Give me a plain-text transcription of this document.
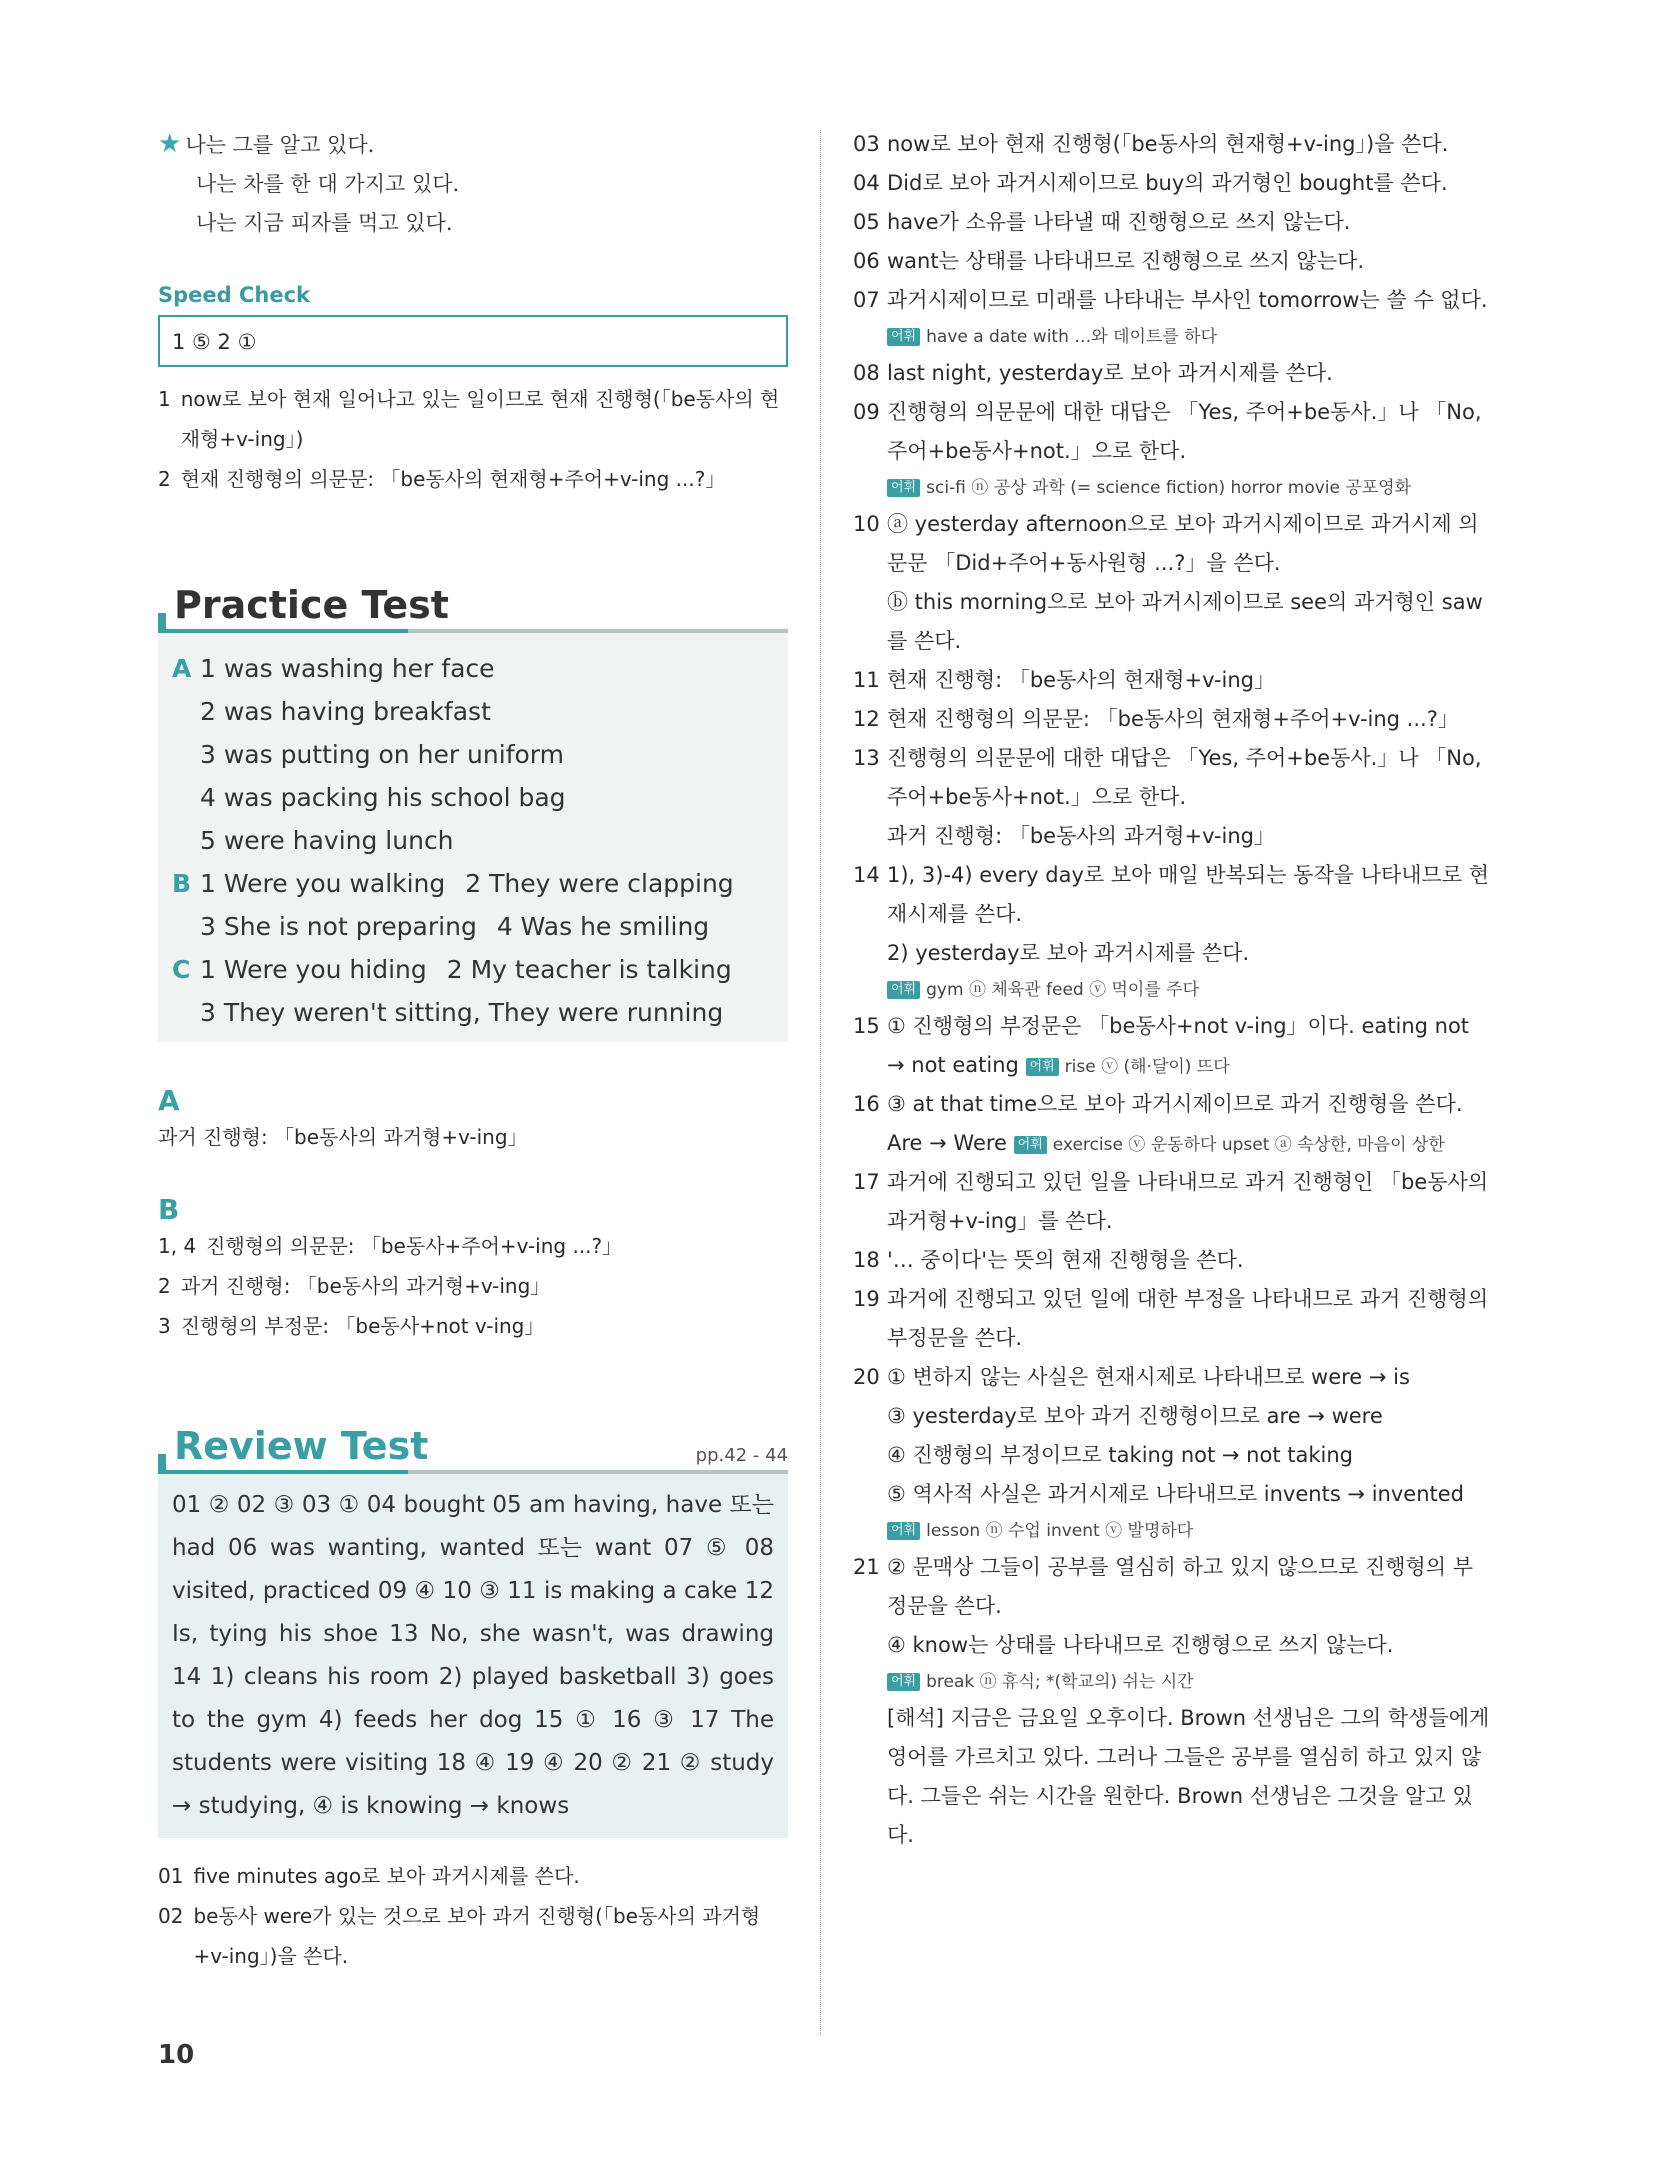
★ 나는 그를 알고 있다.
나는 차를 한 대 가지고 있다.
나는 지금 피자를 먹고 있다.
Speed Check
1 ⑤ 2 ①
1 now로 보아 현재 일어나고 있는 일이므로 현재 진행형(「be동사의 현재형+v-ing」)
2 현재 진행형의 의문문: 「be동사의 현재형+주어+v-ing ...?」
Practice Test
A 1 was washing her face
2 was having breakfast
3 was putting on her uniform
4 was packing his school bag
5 were having lunch
B 1 Were you walking 2 They were clapping
3 She is not preparing 4 Was he smiling
C 1 Were you hiding 2 My teacher is talking
3 They weren't sitting, They were running
A
과거 진행형: 「be동사의 과거형+v-ing」
B
1, 4 진행형의 의문문: 「be동사+주어+v-ing ...?」
2 과거 진행형: 「be동사의 과거형+v-ing」
3 진행형의 부정문: 「be동사+not v-ing」
Review Test	pp.42 - 44
01 ② 02 ③ 03 ① 04 bought 05 am having, have 또는 had 06 was wanting, wanted 또는 want 07 ⑤ 08 visited, practiced 09 ④ 10 ③ 11 is making a cake 12 Is, tying his shoe 13 No, she wasn't, was drawing 14 1) cleans his room 2) played basketball 3) goes to the gym 4) feeds her dog 15 ① 16 ③ 17 The students were visiting 18 ④ 19 ④ 20 ② 21 ② study → studying, ④ is knowing → knows
01 five minutes ago로 보아 과거시제를 쓴다.
02 be동사 were가 있는 것으로 보아 과거 진행형(「be동사의 과거형+v-ing」)을 쓴다.
03 now로 보아 현재 진행형(「be동사의 현재형+v-ing」)을 쓴다.
04 Did로 보아 과거시제이므로 buy의 과거형인 bought를 쓴다.
05 have가 소유를 나타낼 때 진행형으로 쓰지 않는다.
06 want는 상태를 나타내므로 진행형으로 쓰지 않는다.
07 과거시제이므로 미래를 나타내는 부사인 tomorrow는 쓸 수 없다.
어휘 have a date with …와 데이트를 하다
08 last night, yesterday로 보아 과거시제를 쓴다.
09 진행형의 의문문에 대한 대답은 「Yes, 주어+be동사.」나 「No, 주어+be동사+not.」으로 한다.
어휘 sci-fi ⓝ 공상 과학 (= science fiction) horror movie 공포영화
10 ⓐ yesterday afternoon으로 보아 과거시제이므로 과거시제 의문문 「Did+주어+동사원형 ...?」을 쓴다.
ⓑ this morning으로 보아 과거시제이므로 see의 과거형인 saw를 쓴다.
11 현재 진행형: 「be동사의 현재형+v-ing」
12 현재 진행형의 의문문: 「be동사의 현재형+주어+v-ing ...?」
13 진행형의 의문문에 대한 대답은 「Yes, 주어+be동사.」나 「No, 주어+be동사+not.」으로 한다.
과거 진행형: 「be동사의 과거형+v-ing」
14 1), 3)-4) every day로 보아 매일 반복되는 동작을 나타내므로 현재시제를 쓴다.
2) yesterday로 보아 과거시제를 쓴다.
어휘 gym ⓝ 체육관 feed ⓥ 먹이를 주다
15 ① 진행형의 부정문은 「be동사+not v-ing」이다. eating not → not eating 어휘 rise ⓥ (해·달이) 뜨다
16 ③ at that time으로 보아 과거시제이므로 과거 진행형을 쓴다. Are → Were 어휘 exercise ⓥ 운동하다 upset ⓐ 속상한, 마음이 상한
17 과거에 진행되고 있던 일을 나타내므로 과거 진행형인 「be동사의 과거형+v-ing」를 쓴다.
18 '… 중이다'는 뜻의 현재 진행형을 쓴다.
19 과거에 진행되고 있던 일에 대한 부정을 나타내므로 과거 진행형의 부정문을 쓴다.
20 ① 변하지 않는 사실은 현재시제로 나타내므로 were → is
③ yesterday로 보아 과거 진행형이므로 are → were
④ 진행형의 부정이므로 taking not → not taking
⑤ 역사적 사실은 과거시제로 나타내므로 invents → invented
어휘 lesson ⓝ 수업 invent ⓥ 발명하다
21 ② 문맥상 그들이 공부를 열심히 하고 있지 않으므로 진행형의 부정문을 쓴다.
④ know는 상태를 나타내므로 진행형으로 쓰지 않는다.
어휘 break ⓝ 휴식; *(학교의) 쉬는 시간
[해석] 지금은 금요일 오후이다. Brown 선생님은 그의 학생들에게 영어를 가르치고 있다. 그러나 그들은 공부를 열심히 하고 있지 않다. 그들은 쉬는 시간을 원한다. Brown 선생님은 그것을 알고 있다.
10
